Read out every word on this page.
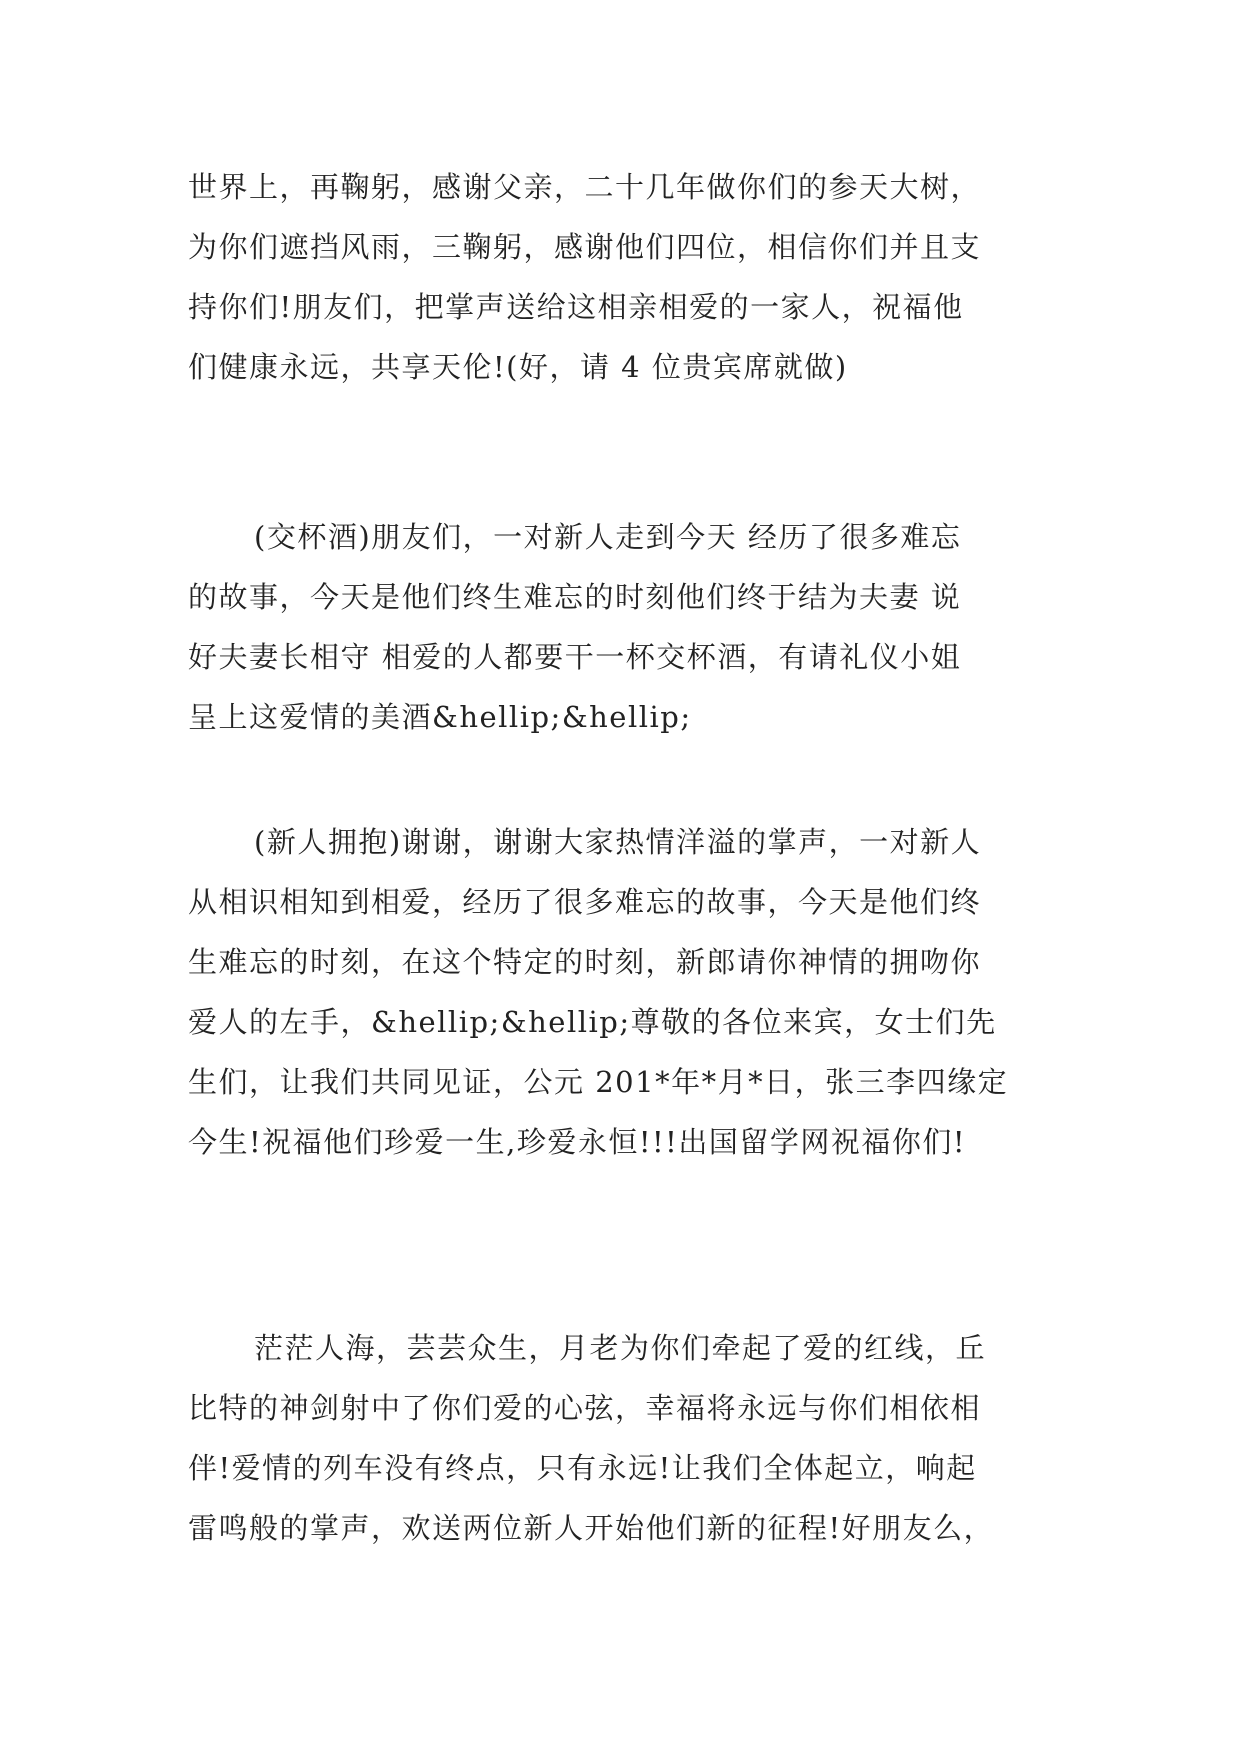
世界上，再鞠躬，感谢父亲，二十几年做你们的参天大树，
为你们遮挡风雨，三鞠躬，感谢他们四位，相信你们并且支
持你们!朋友们，把掌声送给这相亲相爱的一家人，祝福他
们健康永远，共享天伦!(好，请 4 位贵宾席就做)

(交杯酒)朋友们，一对新人走到今天 经历了很多难忘
的故事，今天是他们终生难忘的时刻他们终于结为夫妻 说
好夫妻长相守 相爱的人都要干一杯交杯酒，有请礼仪小姐
呈上这爱情的美酒&hellip;&hellip;

(新人拥抱)谢谢，谢谢大家热情洋溢的掌声，一对新人
从相识相知到相爱，经历了很多难忘的故事，今天是他们终
生难忘的时刻，在这个特定的时刻，新郎请你神情的拥吻你
爱人的左手，&hellip;&hellip;尊敬的各位来宾，女士们先
生们，让我们共同见证，公元 201*年*月*日，张三李四缘定
今生!祝福他们珍爱一生,珍爱永恒!!!出国留学网祝福你们!

茫茫人海，芸芸众生，月老为你们牵起了爱的红线，丘
比特的神剑射中了你们爱的心弦，幸福将永远与你们相依相
伴!爱情的列车没有终点，只有永远!让我们全体起立，响起
雷鸣般的掌声，欢送两位新人开始他们新的征程!好朋友么，
